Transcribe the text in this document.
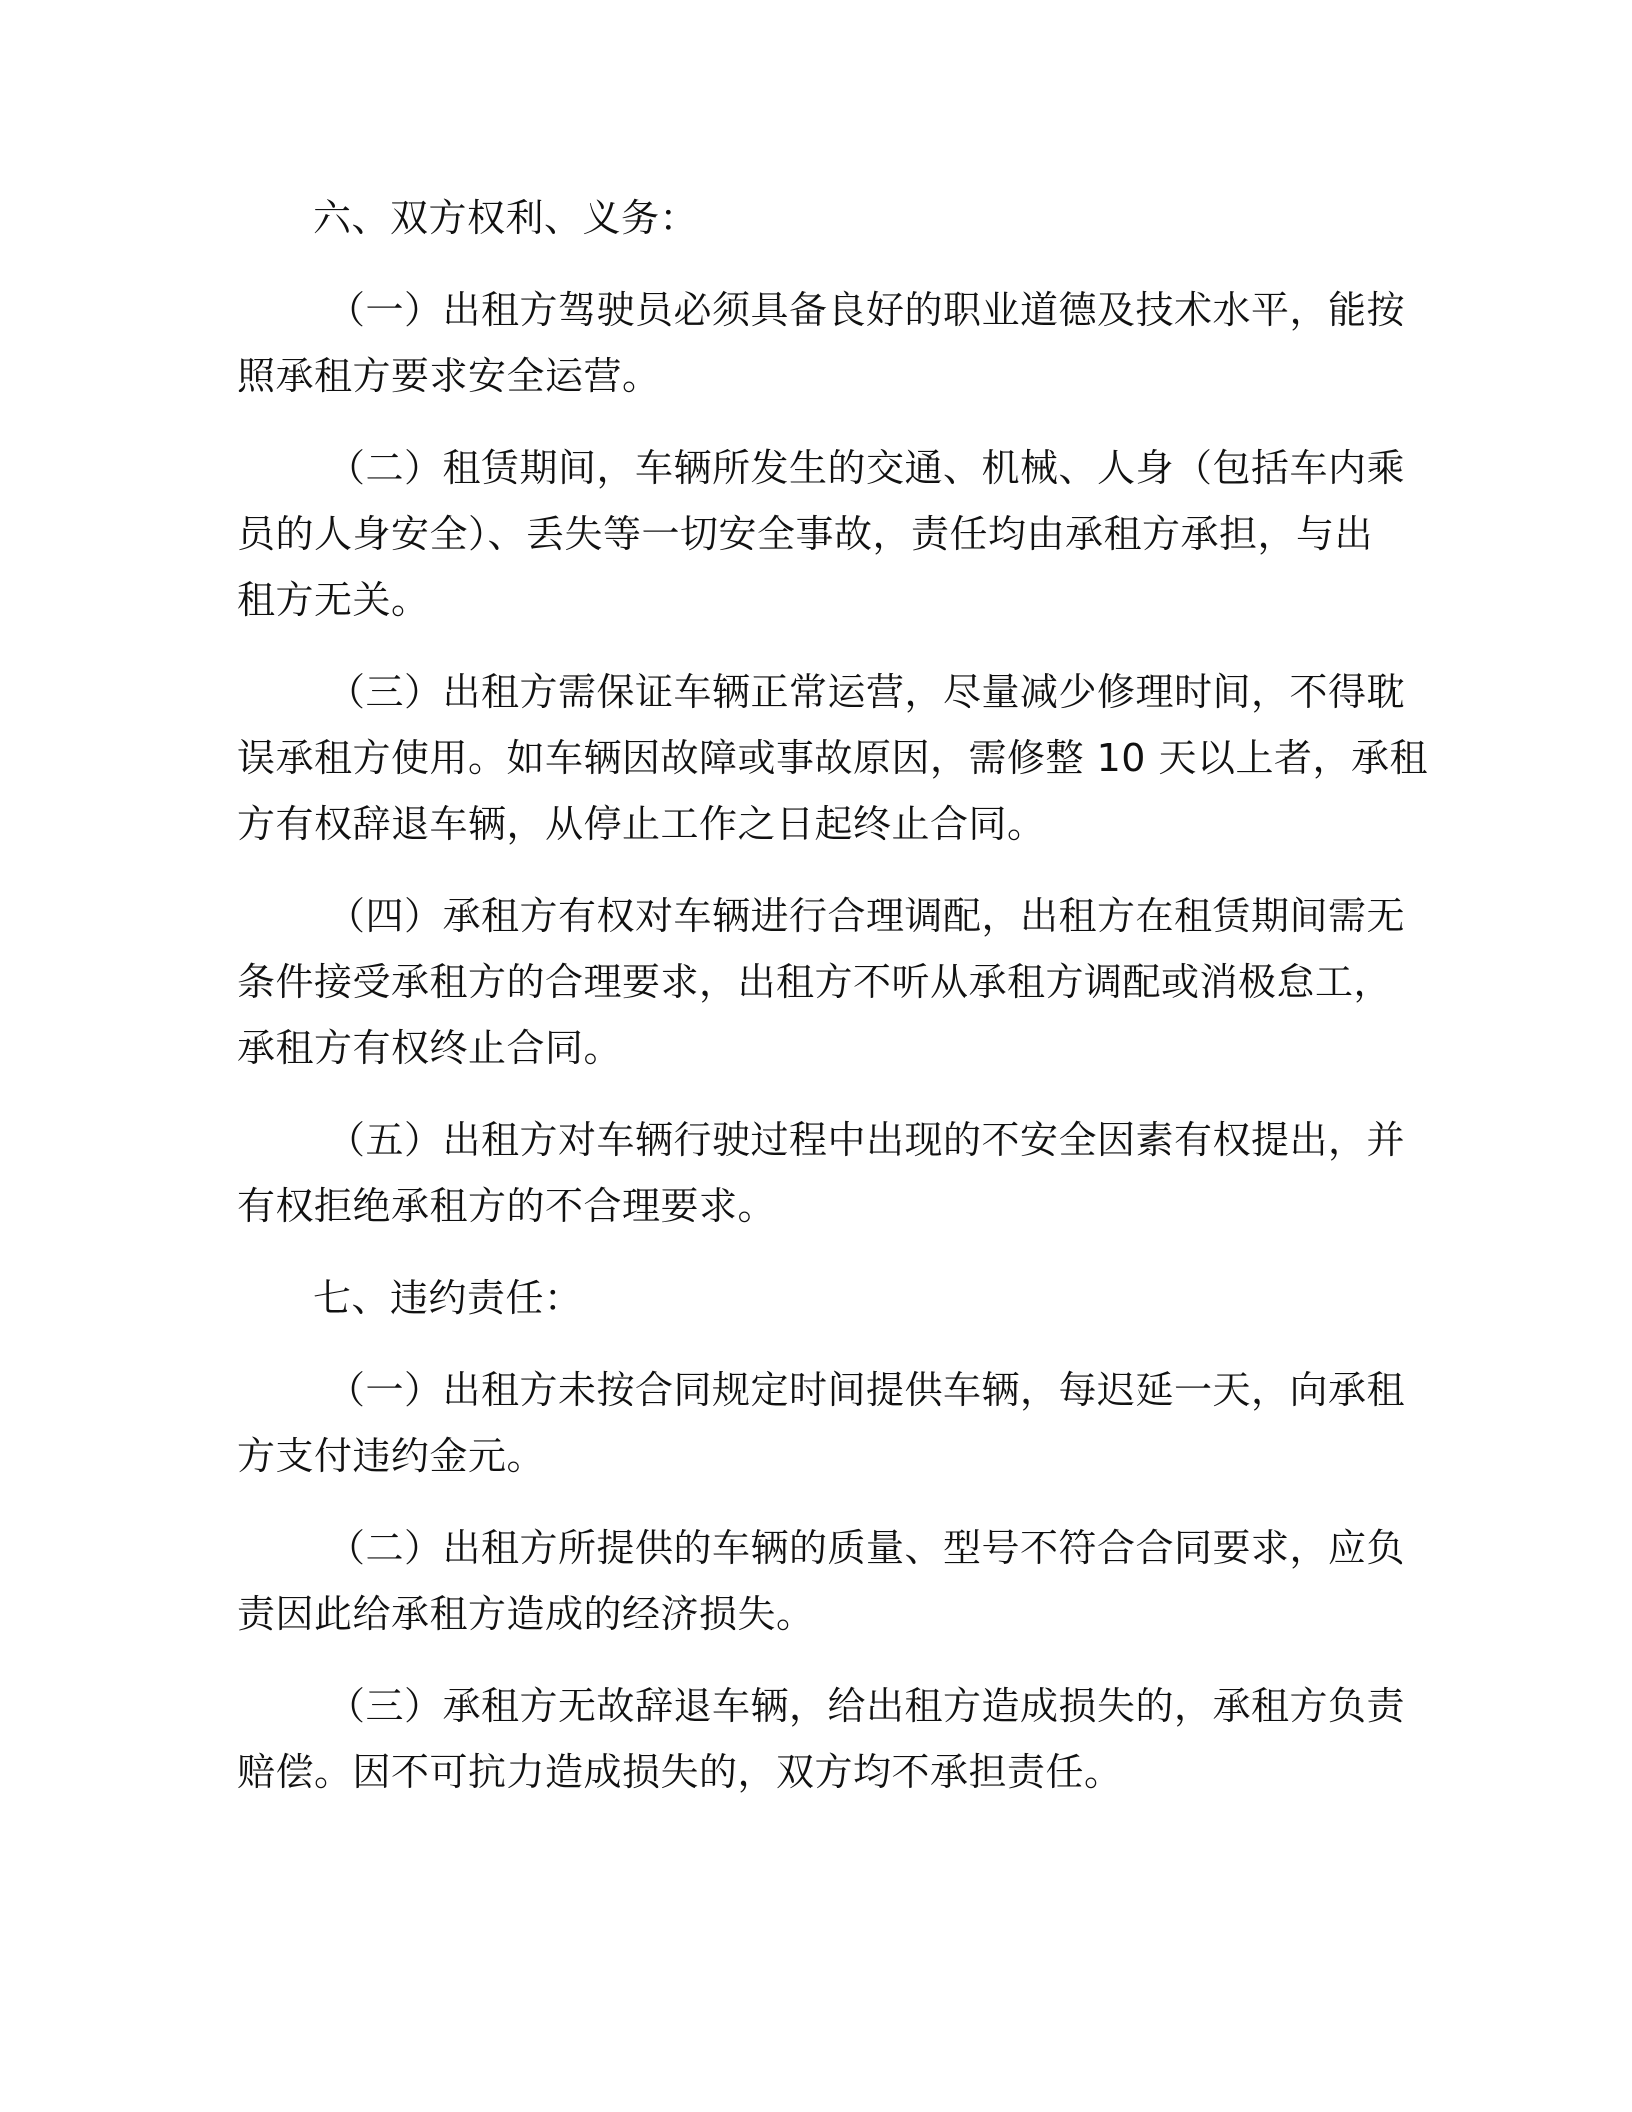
六、双方权利、义务：
（一）出租方驾驶员必须具备良好的职业道德及技术水平，能按
照承租方要求安全运营。
（二）租赁期间，车辆所发生的交通、机械、人身（包括车内乘
员的人身安全）、丢失等一切安全事故，责任均由承租方承担，与出
租方无关。
（三）出租方需保证车辆正常运营，尽量减少修理时间，不得耽
误承租方使用。如车辆因故障或事故原因，需修整 10 天以上者，承租
方有权辞退车辆，从停止工作之日起终止合同。
（四）承租方有权对车辆进行合理调配，出租方在租赁期间需无
条件接受承租方的合理要求，出租方不听从承租方调配或消极怠工，
承租方有权终止合同。
（五）出租方对车辆行驶过程中出现的不安全因素有权提出，并
有权拒绝承租方的不合理要求。
七、违约责任：
（一）出租方未按合同规定时间提供车辆，每迟延一天，向承租
方支付违约金元。
（二）出租方所提供的车辆的质量、型号不符合合同要求，应负
责因此给承租方造成的经济损失。
（三）承租方无故辞退车辆，给出租方造成损失的，承租方负责
赔偿。因不可抗力造成损失的，双方均不承担责任。
